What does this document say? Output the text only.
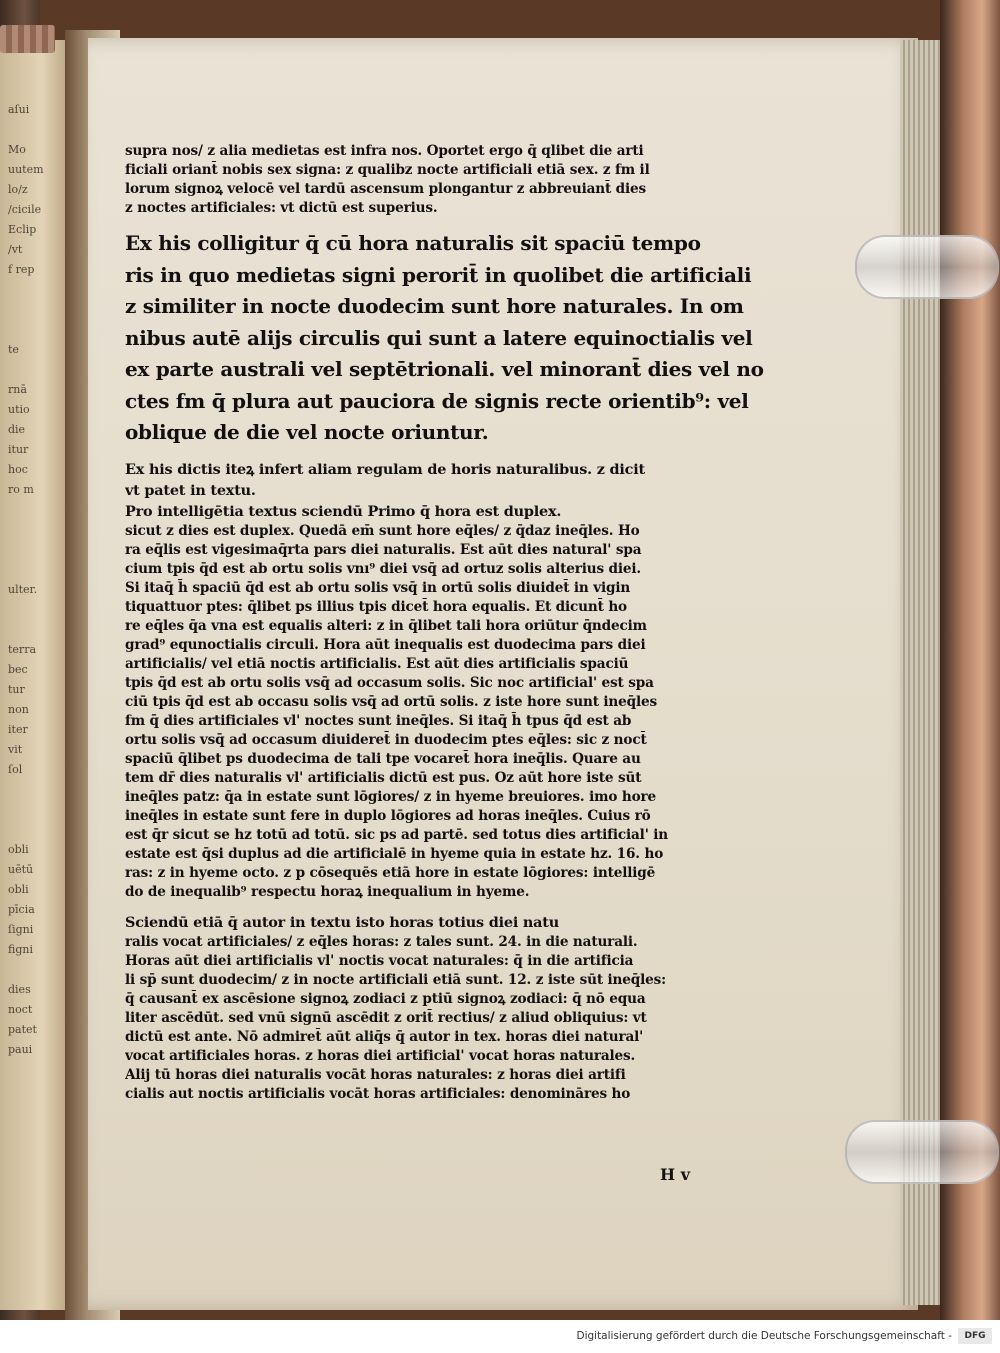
aſui

Mo
uutem
lo/z
/cicile
Eclip
/vt
f rep

te

rnā
utio
die
itur
hoc
ro m

ulter.

terra
bec
tur
non
iter
vit
ſol

obli
uētū
obli
pīcia
ſigni
figni

dies
noct
patet
paui
supra nos/ z alia medietas est infra nos. Oportet ergo q̄ qlibet die arti
ficiali oriant̄ nobis sex signa: z qualibz nocte artificiali etiā sex. z fm il
lorum signoꝝ velocē vel tardū ascensum plongantur z abbreuiant̄ dies
z noctes artificiales: vt dictū est superius.
Ex his colligitur q̄ cū hora naturalis sit spaciū tempo
ris in quo medietas signi perorit̄ in quolibet die artificiali
z similiter in nocte duodecim sunt hore naturales. In om
nibus autē alijs circulis qui sunt a latere equinoctialis vel
ex parte australi vel septētrionali. vel minorant̄ dies vel no
ctes fm q̄ plura aut pauciora de signis recte orientib⁹: vel
oblique de die vel nocte oriuntur.
Ex his dictis iteꝝ infert aliam regulam de horis naturalibus. z dicit
vt patet in textu.
Pro intelligētia textus sciendū Primo q̄ hora est duplex.
sicut z dies est duplex. Quedā em̄ sunt hore eq̄les/ z q̄daz ineq̄les. Ho
ra eq̄lis est vigesimaq̄rta pars diei naturalis. Est aūt dies natural' spa
cium tpis q̄d est ab ortu solis vnı⁹ diei vsq̄ ad ortuz solis alterius diei.
Si itaq̄ h̄ spaciū q̄d est ab ortu solis vsq̄ in ortū solis diuidet̄ in vigin
tiquattuor ptes: q̄libet ps illius tpis dicet̄ hora equalis. Et dicunt̄ ho
re eq̄les q̄a vna est equalis alteri: z in q̄libet tali hora oriūtur q̄ndecim
grad⁹ equnoctialis circuli. Hora aūt inequalis est duodecima pars diei
artificialis/ vel etiā noctis artificialis. Est aūt dies artificialis spaciū
tpis q̄d est ab ortu solis vsq̄ ad occasum solis. Sic noc artificial' est spa
ciū tpis q̄d est ab occasu solis vsq̄ ad ortū solis. z iste hore sunt ineq̄les
fm q̄ dies artificiales vl' noctes sunt ineq̄les. Si itaq̄ h̄ tpus q̄d est ab
ortu solis vsq̄ ad occasum diuideret̄ in duodecim ptes eq̄les: sic z noct̄
spaciū q̄libet ps duodecima de tali tpe vocaret̄ hora ineq̄lis. Quare au
tem dr̄ dies naturalis vl' artificialis dictū est pus. Oz aūt hore iste sūt
ineq̄les patz: q̄a in estate sunt lōgiores/ z in hyeme breuiores. imo hore
ineq̄les in estate sunt fere in duplo lōgiores ad horas ineq̄les. Cuius rō
est q̄r sicut se hz totū ad totū. sic ps ad partē. sed totus dies artificial' in
estate est q̄si duplus ad die artificialē in hyeme quia in estate hz. 16. ho
ras: z in hyeme octo. z p cōsequēs etiā hore in estate lōgiores: intelligē
do de inequalib⁹ respectu horaꝝ inequalium in hyeme.
Sciendū etiā q̄ autor in textu isto horas totius diei natu
ralis vocat artificiales/ z eq̄les horas: z tales sunt. 24. in die naturali.
Horas aūt diei artificialis vl' noctis vocat naturales: q̄ in die artificia
li sp̄ sunt duodecim/ z in nocte artificiali etiā sunt. 12. z iste sūt ineq̄les:
q̄ causant̄ ex ascēsione signoꝝ zodiaci z ptiū signoꝝ zodiaci: q̄ nō equa
liter ascēdūt. sed vnū signū ascēdit z orit̄ rectius/ z aliud obliquius: vt
dictū est ante. Nō admiret̄ aūt aliq̄s q̄ autor in tex. horas diei natural'
vocat artificiales horas. z horas diei artificial' vocat horas naturales.
Alij tū horas diei naturalis vocāt horas naturales: z horas diei artifi
cialis aut noctis artificialis vocāt horas artificiales: denomināres ho
H v
Digitalisierung gefördert durch die Deutsche Forschungsgemeinschaft -	DFG
